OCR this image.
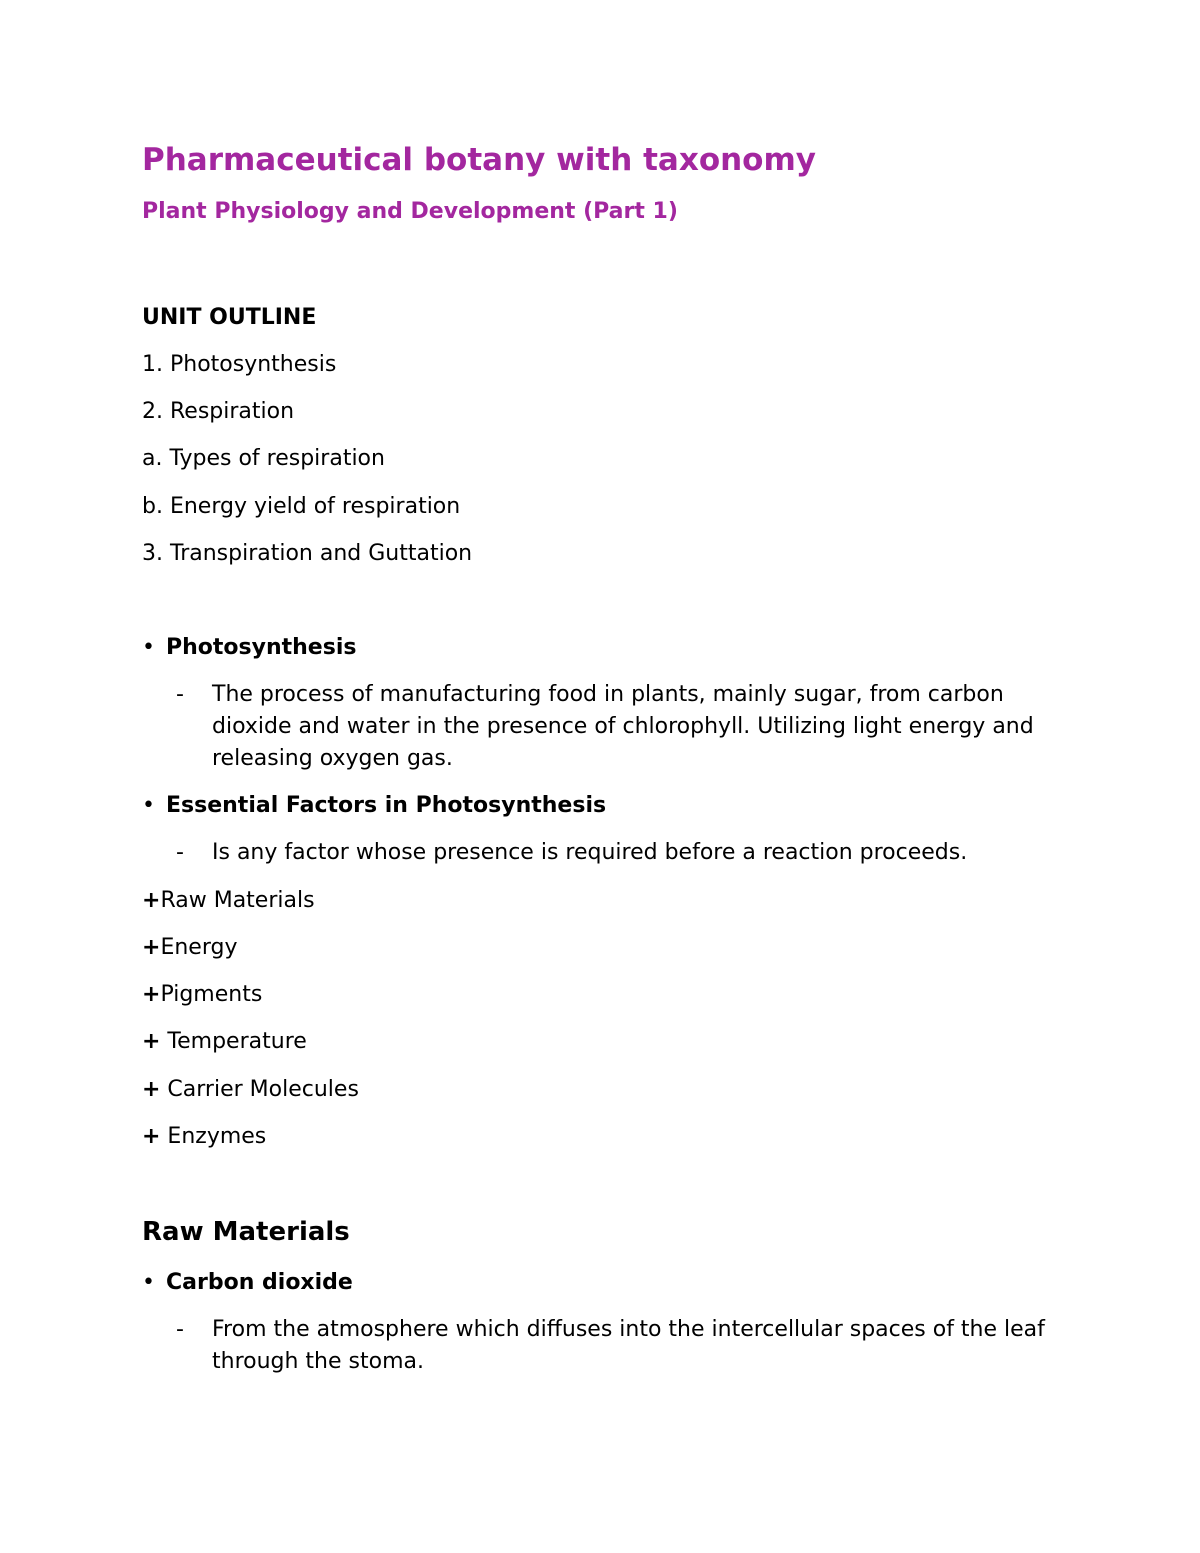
Pharmaceutical botany with taxonomy
Plant Physiology and Development (Part 1)
UNIT OUTLINE
1. Photosynthesis
2. Respiration
a. Types of respiration
b. Energy yield of respiration
3. Transpiration and Guttation
• Photosynthesis
- The process of manufacturing food in plants, mainly sugar, from carbon dioxide and water in the presence of chlorophyll. Utilizing light energy and releasing oxygen gas.
• Essential Factors in Photosynthesis
- Is any factor whose presence is required before a reaction proceeds.
+Raw Materials
+Energy
+Pigments
+ Temperature
+ Carrier Molecules
+ Enzymes
Raw Materials
• Carbon dioxide
- From the atmosphere which diffuses into the intercellular spaces of the leaf through the stoma.
